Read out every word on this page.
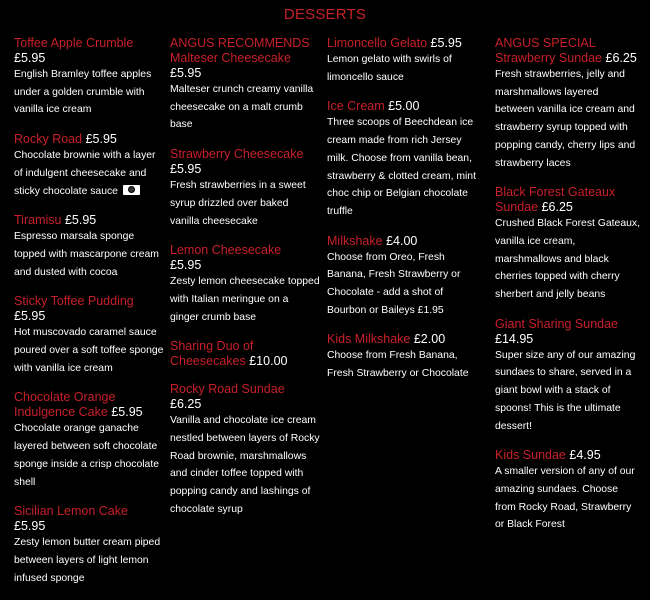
DESSERTS
Toffee Apple Crumble
£5.95
English Bramley toffee apples under a golden crumble with vanilla ice cream
Rocky Road £5.95
Chocolate brownie with a layer of indulgent cheesecake and sticky chocolate sauce
Tiramisu £5.95
Espresso marsala sponge topped with mascarpone cream and dusted with cocoa
Sticky Toffee Pudding
£5.95
Hot muscovado caramel sauce poured over a soft toffee sponge with vanilla ice cream
Chocolate Orange Indulgence Cake £5.95
Chocolate orange ganache layered between soft chocolate sponge inside a crisp chocolate shell
Sicilian Lemon Cake
£5.95
Zesty lemon butter cream piped between layers of light lemon infused sponge
ANGUS RECOMMENDS Malteser Cheesecake
£5.95
Malteser crunch creamy vanilla cheesecake on a malt crumb base
Strawberry Cheesecake
£5.95
Fresh strawberries in a sweet syrup drizzled over baked vanilla cheesecake
Lemon Cheesecake
£5.95
Zesty lemon cheesecake topped with Italian meringue on a ginger crumb base
Sharing Duo of Cheesecakes £10.00
Rocky Road Sundae
£6.25
Vanilla and chocolate ice cream nestled between layers of Rocky Road brownie, marshmallows and cinder toffee topped with popping candy and lashings of chocolate syrup
Limoncello Gelato £5.95
Lemon gelato with swirls of limoncello sauce
Ice Cream £5.00
Three scoops of Beechdean ice cream made from rich Jersey milk. Choose from vanilla bean, strawberry & clotted cream, mint choc chip or Belgian chocolate truffle
Milkshake £4.00
Choose from Oreo, Fresh Banana, Fresh Strawberry or Chocolate - add a shot of Bourbon or Baileys £1.95
Kids Milkshake £2.00
Choose from Fresh Banana, Fresh Strawberry or Chocolate
ANGUS SPECIAL Strawberry Sundae £6.25
Fresh strawberries, jelly and marshmallows layered between vanilla ice cream and strawberry syrup topped with popping candy, cherry lips and strawberry laces
Black Forest Gateaux Sundae £6.25
Crushed Black Forest Gateaux, vanilla ice cream, marshmallows and black cherries topped with cherry sherbert and jelly beans
Giant Sharing Sundae
£14.95
Super size any of our amazing sundaes to share, served in a giant bowl with a stack of spoons! This is the ultimate dessert!
Kids Sundae £4.95
A smaller version of any of our amazing sundaes. Choose from Rocky Road, Strawberry or Black Forest
